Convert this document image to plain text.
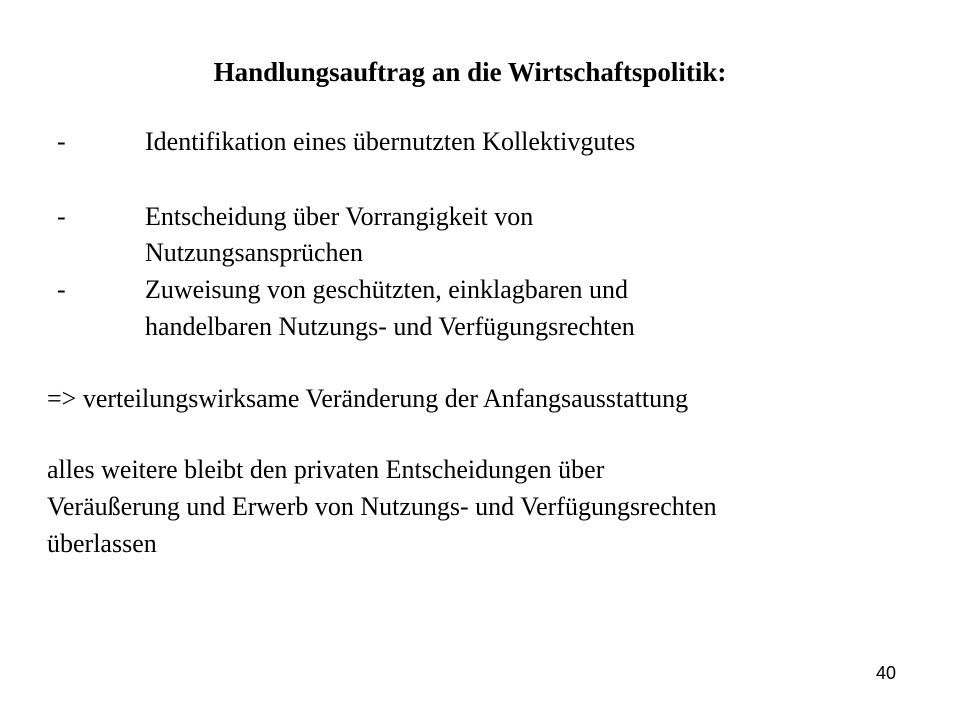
Handlungsauftrag an die Wirtschaftspolitik:
-	Identifikation eines übernutzten Kollektivgutes
-	Entscheidung über Vorrangigkeit von
Nutzungsansprüchen
-	Zuweisung von geschützten, einklagbaren und
handelbaren Nutzungs- und Verfügungsrechten
=> verteilungswirksame Veränderung der Anfangsausstattung
alles weitere bleibt den privaten Entscheidungen über
Veräußerung und Erwerb von Nutzungs- und Verfügungsrechten
überlassen
40
